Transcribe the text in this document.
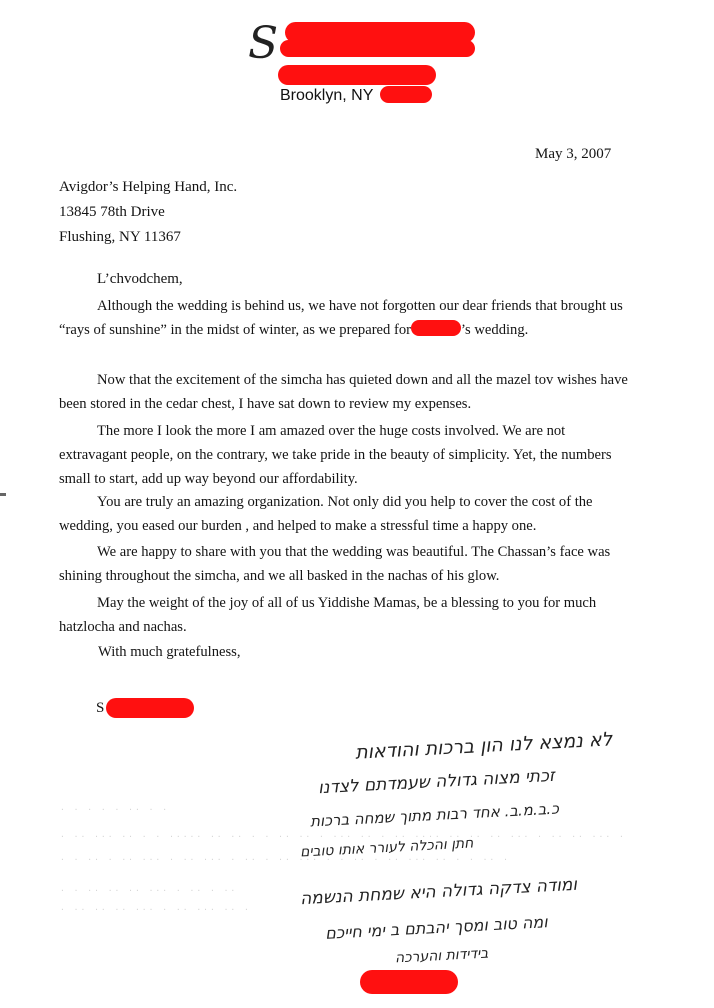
S
Brooklyn, NY
May 3, 2007
Avigdor’s Helping Hand, Inc.
13845 78th Drive
Flushing, NY 11367
L’chvodchem,
Although the wedding is behind us, we have not forgotten our dear friends that brought us “rays of sunshine” in the midst of winter, as we prepared for	’s wedding.
Now that the excitement of the simcha has quieted down and all the mazel tov wishes have been stored in the cedar chest, I have sat down to review my expenses.
The more I look the more I am amazed over the huge costs involved. We are not extravagant people, on the contrary, we take pride in the beauty of simplicity. Yet, the numbers small to start, add up way beyond our affordability.
You are truly an amazing organization. Not only did you help to cover the cost of the wedding, you eased our burden , and helped to make a stressful time a happy one.
We are happy to share with you that the wedding was beautiful. The Chassan’s face was shining throughout the simcha, and we all basked in the nachas of his glow.
May the weight of the joy of all of us Yiddishe Mamas, be a blessing to you for much hatzlocha and nachas.
With much gratefulness,
S
· · · · · ·· · ·
· ·· ··· ·· · · ····· ·· ·· · · ·· ·· · ··· ·· · ·· ···· ·· ·· ·· ··· · ·· ·· ··· ·
· · ·· · ·· ··· · ·· ··· · ·· · ·· ··· · · ·· · ·· ··· ·· · · ·· ·
· · ·· ·· ·· ··· · ·· · ··
· ·· ·· ·· ··· · ·· ··· ·· ·
לא נמצא לנו הון ברכות והודאות
זכתי מצוה גדולה שעמדתם לצדנו
כ.ב.מ.ב. אחד רבות מתוך שמחה ברכות
חתן והכלה לעורר אותו טובים
ומודה צדקה גדולה היא שמחת הנשמה
ומה טוב ומסך יהבתם ב ימי חייכם
בידידות והערכה
